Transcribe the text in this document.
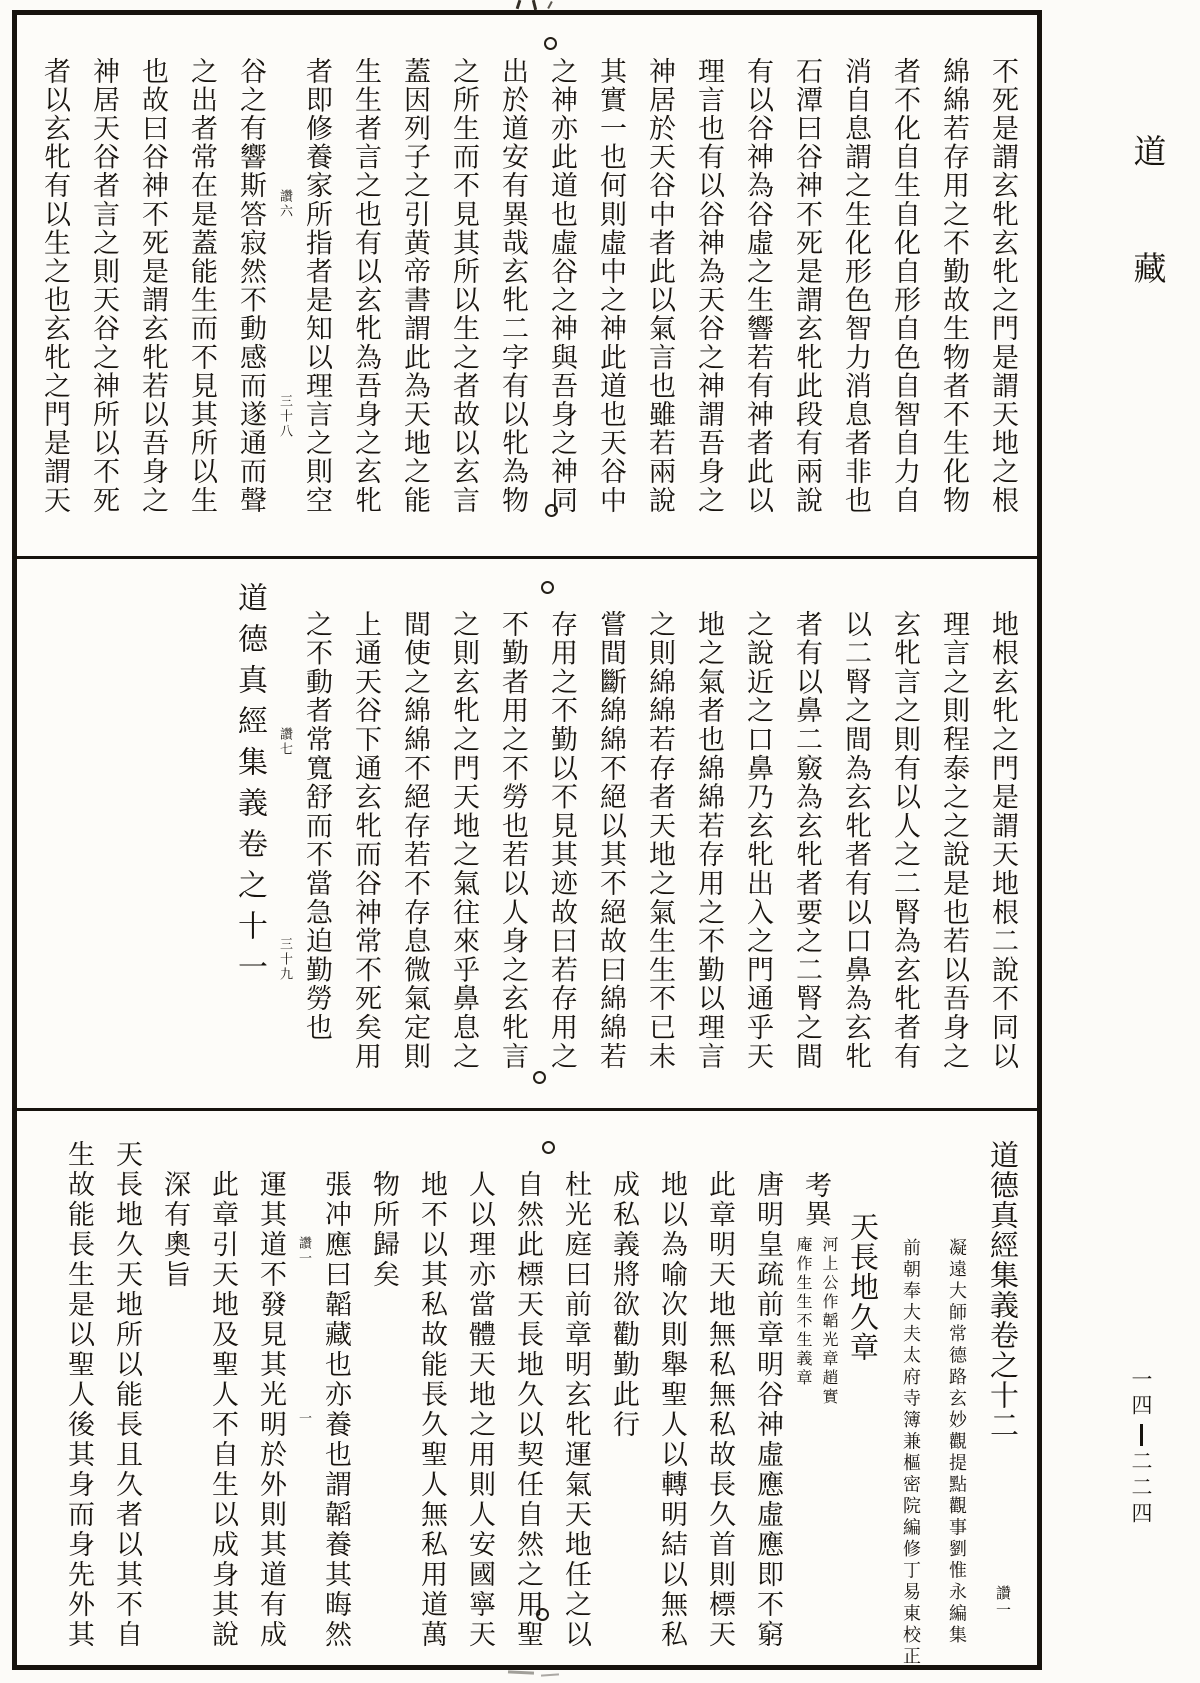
不死是謂玄牝玄牝之門是謂天地之根
綿綿若存用之不勤故生物者不生化物
者不化自生自化自形自色自智自力自
消自息謂之生化形色智力消息者非也
石潭曰谷神不死是謂玄牝此段有兩說
有以谷神為谷虛之生響若有神者此以
理言也有以谷神為天谷之神謂吾身之
神居於天谷中者此以氣言也雖若兩說
其實一也何則虛中之神此道也天谷中
之神亦此道也虛谷之神與吾身之神同
出於道安有異哉玄牝二字有以牝為物
之所生而不見其所以生之者故以玄言
蓋因列子之引黄帝書謂此為天地之能
生生者言之也有以玄牝為吾身之玄牝
者即修養家所指者是知以理言之則空
讚六
三十八
谷之有響斯答寂然不動感而遂通而聲
之出者常在是蓋能生而不見其所以生
也故曰谷神不死是謂玄牝若以吾身之
神居天谷者言之則天谷之神所以不死
者以玄牝有以生之也玄牝之門是謂天
地根玄牝之門是謂天地根二說不同以
理言之則程泰之之說是也若以吾身之
玄牝言之則有以人之二腎為玄牝者有
以二腎之間為玄牝者有以口鼻為玄牝
者有以鼻二竅為玄牝者要之二腎之間
之說近之口鼻乃玄牝出入之門通乎天
地之氣者也綿綿若存用之不勤以理言
之則綿綿若存者天地之氣生生不已未
嘗間斷綿綿不絕以其不絕故曰綿綿若
存用之不勤以不見其迹故曰若存用之
不勤者用之不勞也若以人身之玄牝言
之則玄牝之門天地之氣往來乎鼻息之
間使之綿綿不絕存若不存息微氣定則
上通天谷下通玄牝而谷神常不死矣用
之不動者常寬舒而不當急迫勤勞也
讚七
三十九
道德真經集義卷之十一
道德真經集義卷之十二
讚一
凝遠大師常德路玄妙觀提點觀事劉惟永編集
前朝奉大夫太府寺簿兼樞密院編修丁易東校正
天長地久章
考異
河上公作韜光章趙實
庵作生生不生義章
唐明皇疏前章明谷神虛應虛應即不窮
此章明天地無私無私故長久首則標天
地以為喻次則舉聖人以轉明結以無私
成私義將欲勸勤此行
杜光庭曰前章明玄牝運氣天地任之以
自然此標天長地久以契任自然之用聖
人以理亦當體天地之用則人安國寧天
地不以其私故能長久聖人無私用道萬
物所歸矣
張冲應曰韜藏也亦養也謂韜養其晦然
讚一
一
運其道不發見其光明於外則其道有成
此章引天地及聖人不自生以成身其說
深有奧旨
天長地久天地所以能長且久者以其不自
生故能長生是以聖人後其身而身先外其
道
藏
一四二二四
